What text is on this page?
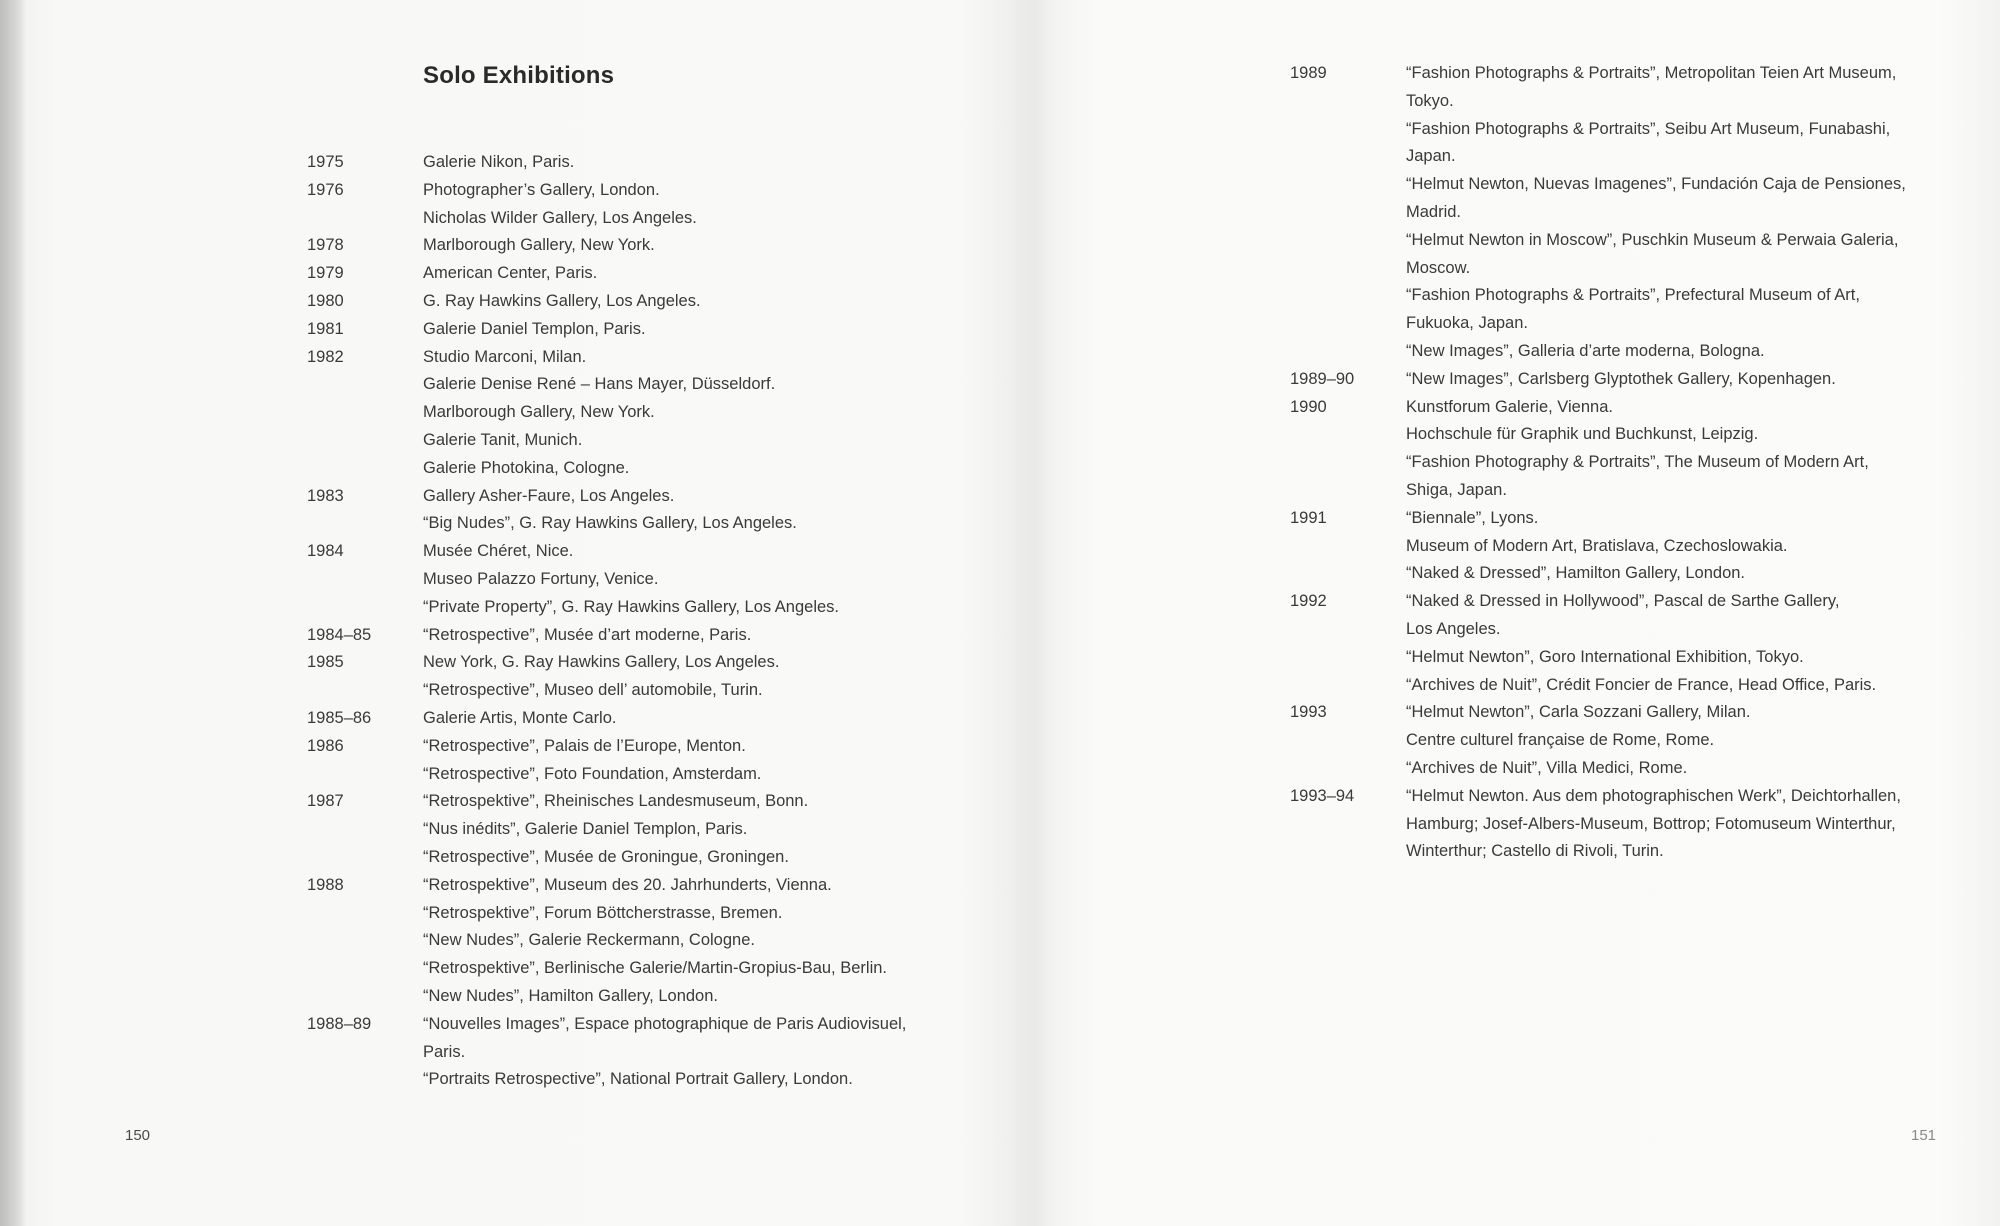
Solo Exhibitions
1975	Galerie Nikon, Paris.
1976	Photographer’s Gallery, London.
Nicholas Wilder Gallery, Los Angeles.
1978	Marlborough Gallery, New York.
1979	American Center, Paris.
1980	G. Ray Hawkins Gallery, Los Angeles.
1981	Galerie Daniel Templon, Paris.
1982	Studio Marconi, Milan.
Galerie Denise René – Hans Mayer, Düsseldorf.
Marlborough Gallery, New York.
Galerie Tanit, Munich.
Galerie Photokina, Cologne.
1983	Gallery Asher-Faure, Los Angeles.
“Big Nudes”, G. Ray Hawkins Gallery, Los Angeles.
1984	Musée Chéret, Nice.
Museo Palazzo Fortuny, Venice.
“Private Property”, G. Ray Hawkins Gallery, Los Angeles.
1984–85	“Retrospective”, Musée d’art moderne, Paris.
1985	New York, G. Ray Hawkins Gallery, Los Angeles.
“Retrospective”, Museo dell’ automobile, Turin.
1985–86	Galerie Artis, Monte Carlo.
1986	“Retrospective”, Palais de l’Europe, Menton.
“Retrospective”, Foto Foundation, Amsterdam.
1987	“Retrospektive”, Rheinisches Landesmuseum, Bonn.
“Nus inédits”, Galerie Daniel Templon, Paris.
“Retrospective”, Musée de Groningue, Groningen.
1988	“Retrospektive”, Museum des 20. Jahrhunderts, Vienna.
“Retrospektive”, Forum Böttcherstrasse, Bremen.
“New Nudes”, Galerie Reckermann, Cologne.
“Retrospektive”, Berlinische Galerie/Martin-Gropius-Bau, Berlin.
“New Nudes”, Hamilton Gallery, London.
1988–89	“Nouvelles Images”, Espace photographique de Paris Audiovisuel,
Paris.
“Portraits Retrospective”, National Portrait Gallery, London.
150
1989	“Fashion Photographs & Portraits”, Metropolitan Teien Art Museum,
Tokyo.
“Fashion Photographs & Portraits”, Seibu Art Museum, Funabashi,
Japan.
“Helmut Newton, Nuevas Imagenes”, Fundación Caja de Pensiones,
Madrid.
“Helmut Newton in Moscow”, Puschkin Museum & Perwaia Galeria,
Moscow.
“Fashion Photographs & Portraits”, Prefectural Museum of Art,
Fukuoka, Japan.
“New Images”, Galleria d’arte moderna, Bologna.
1989–90	“New Images”, Carlsberg Glyptothek Gallery, Kopenhagen.
1990	Kunstforum Galerie, Vienna.
Hochschule für Graphik und Buchkunst, Leipzig.
“Fashion Photography & Portraits”, The Museum of Modern Art,
Shiga, Japan.
1991	“Biennale”, Lyons.
Museum of Modern Art, Bratislava, Czechoslowakia.
“Naked & Dressed”, Hamilton Gallery, London.
1992	“Naked & Dressed in Hollywood”, Pascal de Sarthe Gallery,
Los Angeles.
“Helmut Newton”, Goro International Exhibition, Tokyo.
“Archives de Nuit”, Crédit Foncier de France, Head Office, Paris.
1993	“Helmut Newton”, Carla Sozzani Gallery, Milan.
Centre culturel française de Rome, Rome.
“Archives de Nuit”, Villa Medici, Rome.
1993–94	“Helmut Newton. Aus dem photographischen Werk”, Deichtorhallen,
Hamburg; Josef-Albers-Museum, Bottrop; Fotomuseum Winterthur,
Winterthur; Castello di Rivoli, Turin.
151
